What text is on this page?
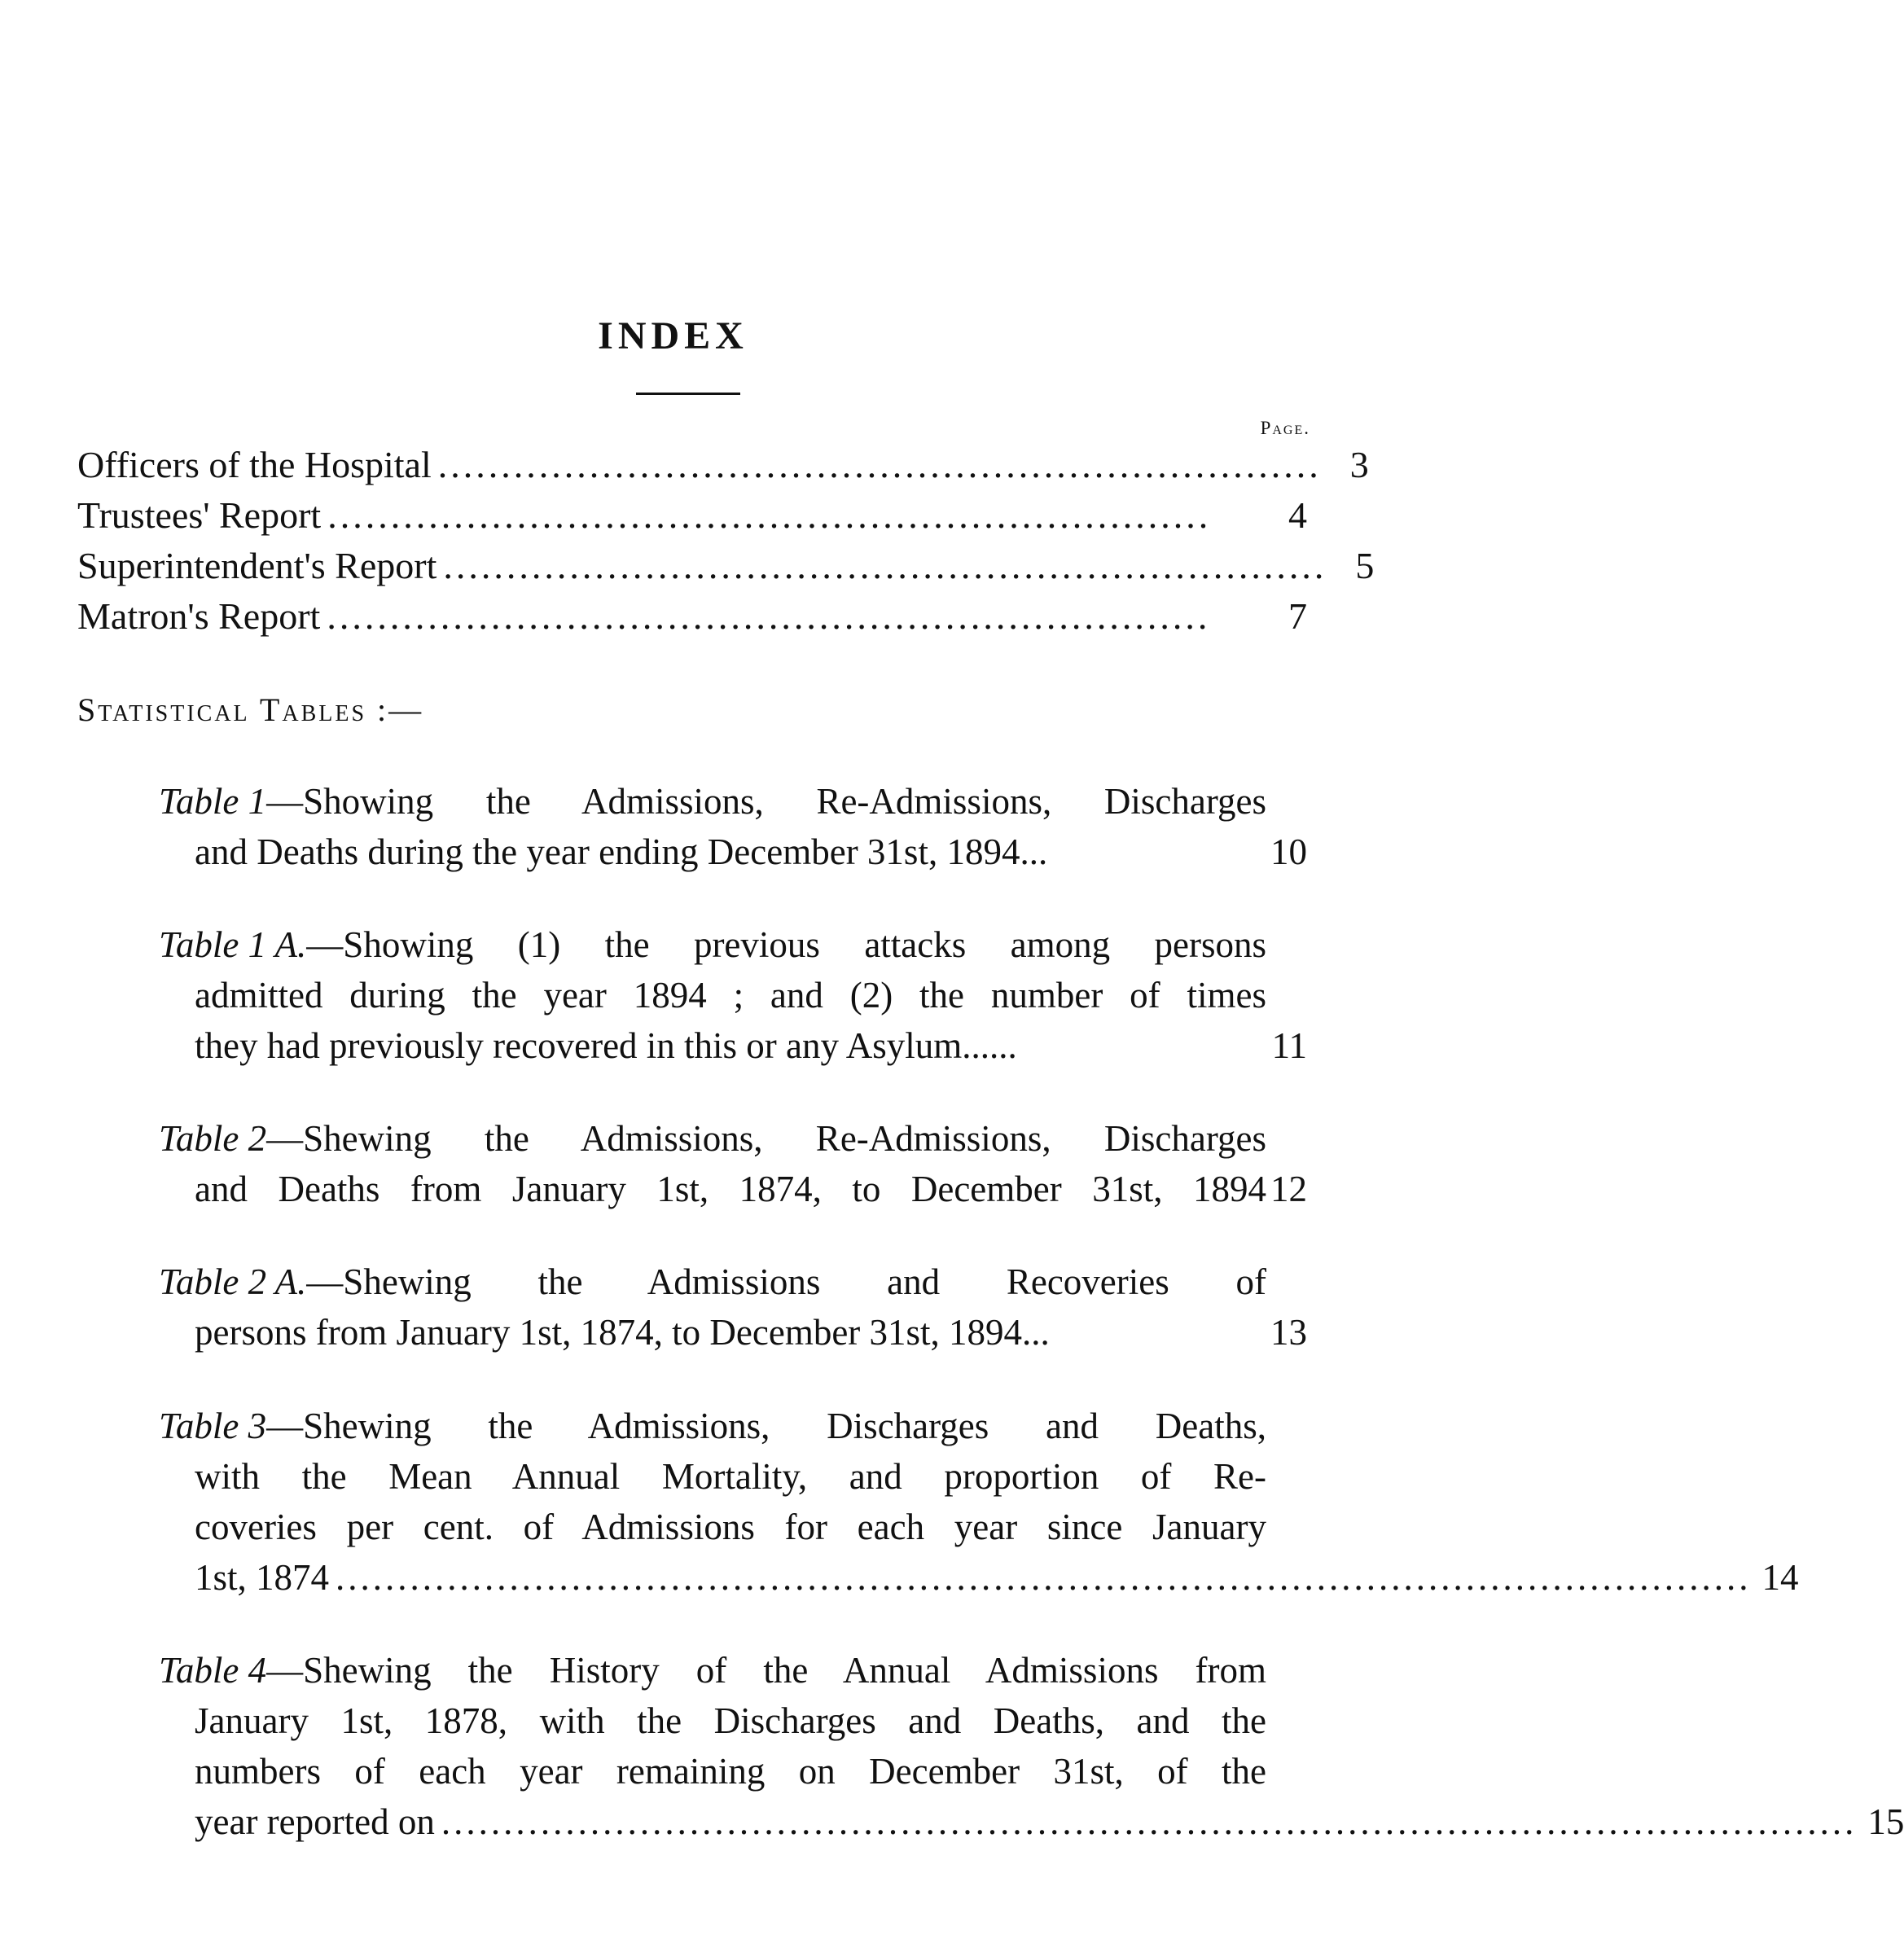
INDEX
Page.
Officers of the Hospital ...................................................................... 3
Trustees' Report ......................................................................	4
Superintendent's Report ...................................................................... 5
Matron's Report ......................................................................	7
Statistical Tables :—
Table 1 —Showing the Admissions, Re-Admissions, Discharges
and Deaths during the year ending December 31st, 1894...	10
Table 1 A. —Showing (1) the previous attacks among persons
admitted during the year 1894 ; and (2) the number of times
they had previously recovered in this or any Asylum......	11
Table 2 —Shewing the Admissions, Re-Admissions, Discharges
and Deaths from January 1st, 1874, to December 31st, 1894 12
Table 2 A. —Shewing the Admissions and Recoveries of
persons from January 1st, 1874, to December 31st, 1894...	13
Table 3 —Shewing the Admissions, Discharges and Deaths,
with the Mean Annual Mortality, and proportion of Re-
coveries per cent. of Admissions for each year since January
1st, 1874 .................................................................................................................. 14
Table 4 —Shewing the History of the Annual Admissions from
January 1st, 1878, with the Discharges and Deaths, and the
numbers of each year remaining on December 31st, of the
year reported on .................................................................................................................. 15
